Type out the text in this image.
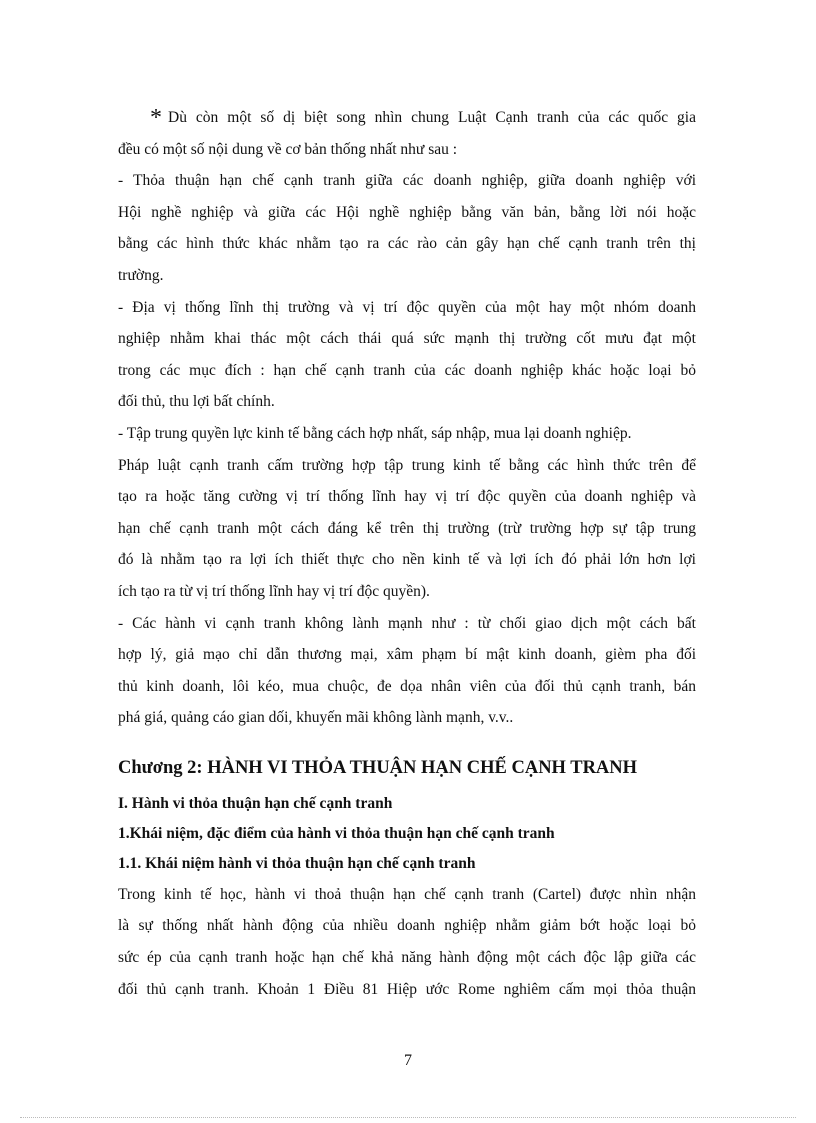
* Dù còn một số dị biệt song nhìn chung Luật Cạnh tranh của các quốc gia
đều có một số nội dung về cơ bản thống nhất như sau :
- Thỏa thuận hạn chế cạnh tranh giữa các doanh nghiệp, giữa doanh nghiệp với
Hội nghề nghiệp và giữa các Hội nghề nghiệp bằng văn bản, bằng lời nói hoặc
bằng các hình thức khác nhằm tạo ra các rào cản gây hạn chế cạnh tranh trên thị
trường.
- Địa vị thống lĩnh thị trường và vị trí độc quyền của một hay một nhóm doanh
nghiệp nhằm khai thác một cách thái quá sức mạnh thị trường cốt mưu đạt một
trong các mục đích : hạn chế cạnh tranh của các doanh nghiệp khác hoặc loại bỏ
đối thủ, thu lợi bất chính.
- Tập trung quyền lực kinh tế bằng cách hợp nhất, sáp nhập, mua lại doanh nghiệp.
Pháp luật cạnh tranh cấm trường hợp tập trung kinh tế bằng các hình thức trên để
tạo ra hoặc tăng cường vị trí thống lĩnh hay vị trí độc quyền của doanh nghiệp và
hạn chế cạnh tranh một cách đáng kể trên thị trường (trừ trường hợp sự tập trung
đó là nhằm tạo ra lợi ích thiết thực cho nền kinh tế và lợi ích đó phải lớn hơn lợi
ích tạo ra từ vị trí thống lĩnh hay vị trí độc quyền).
- Các hành vi cạnh tranh không lành mạnh như : từ chối giao dịch một cách bất
hợp lý, giả mạo chỉ dẫn thương mại, xâm phạm bí mật kinh doanh, gièm pha đối
thủ kinh doanh, lôi kéo, mua chuộc, đe dọa nhân viên của đối thủ cạnh tranh, bán
phá giá, quảng cáo gian dối, khuyến mãi không lành mạnh, v.v..
Chương 2: HÀNH VI THỎA THUẬN HẠN CHẾ CẠNH TRANH
I. Hành vi thỏa thuận hạn chế cạnh tranh
1.Khái niệm, đặc điểm của hành vi thỏa thuận hạn chế cạnh tranh
1.1. Khái niệm hành vi thỏa thuận hạn chế cạnh tranh
Trong kinh tế học, hành vi thoả thuận hạn chế cạnh tranh (Cartel) được nhìn nhận
là sự thống nhất hành động của nhiều doanh nghiệp nhằm giảm bớt hoặc loại bỏ
sức ép của cạnh tranh hoặc hạn chế khả năng hành động một cách độc lập giữa các
đối thủ cạnh tranh. Khoản 1 Điều 81 Hiệp ước Rome nghiêm cấm mọi thỏa thuận
7
